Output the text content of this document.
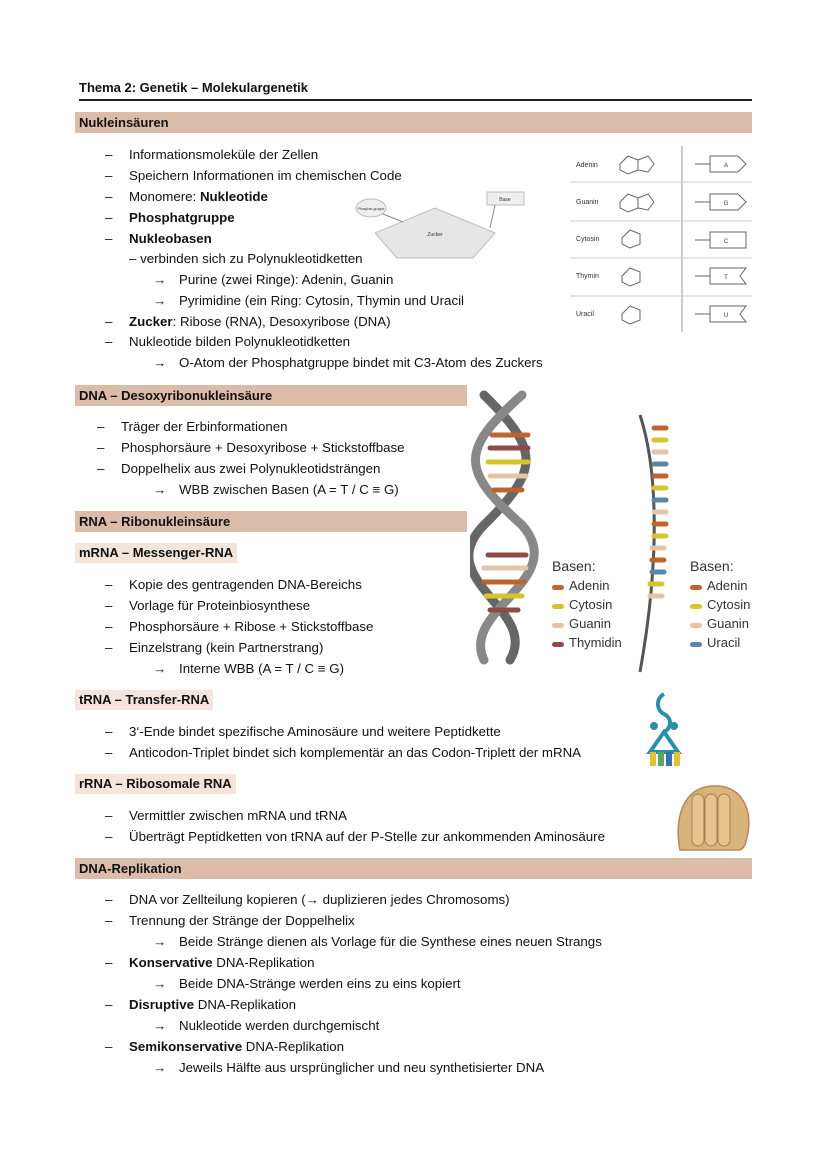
Thema 2: Genetik – Molekulargenetik
Nukleinsäuren
– Informationsmoleküle der Zellen
– Speichern Informationen im chemischen Code
– Monomere: Nukleotide
– Phosphatgruppe
– Nukleobasen
– verbinden sich zu Polynukleotidketten
→ Purine (zwei Ringe): Adenin, Guanin
→ Pyrimidine (ein Ring: Cytosin, Thymin und Uracil
– Zucker: Ribose (RNA), Desoxyribose (DNA)
– Nukleotide bilden Polynukleotidketten
→ O-Atom der Phosphatgruppe bindet mit C3-Atom des Zuckers
Base
Zucker
Phosphat-gruppe
Adenin
Guanin
Cytosin
Thymin
Uracil
A
G
C
T
U
DNA – Desoxyribonukleinsäure
– Träger der Erbinformationen
– Phosphorsäure + Desoxyribose + Stickstoffbase
– Doppelhelix aus zwei Polynukleotidsträngen
→ WBB zwischen Basen (A = T / C ≡ G)
RNA – Ribonukleinsäure
mRNA – Messenger-RNA
– Kopie des gentragenden DNA-Bereichs
– Vorlage für Proteinbiosynthese
– Phosphorsäure + Ribose + Stickstoffbase
– Einzelstrang (kein Partnerstrang)
→ Interne WBB (A = T / C ≡ G)
tRNA – Transfer-RNA
– 3‘-Ende bindet spezifische Aminosäure und weitere Peptidkette
– Anticodon-Triplet bindet sich komplementär an das Codon-Triplett der mRNA
rRNA – Ribosomale RNA
– Vermittler zwischen mRNA und tRNA
– Überträgt Peptidketten von tRNA auf der P-Stelle zur ankommenden Aminosäure
DNA-Replikation
– DNA vor Zellteilung kopieren (→ duplizieren jedes Chromosoms)
– Trennung der Stränge der Doppelhelix
→ Beide Stränge dienen als Vorlage für die Synthese eines neuen Strangs
– Konservative DNA-Replikation
→ Beide DNA-Stränge werden eins zu eins kopiert
– Disruptive DNA-Replikation
→ Nukleotide werden durchgemischt
– Semikonservative DNA-Replikation
→ Jeweils Hälfte aus ursprünglicher und neu synthetisierter DNA
Basen:
Adenin
Cytosin
Guanin
Thymidin
Basen:
Adenin
Cytosin
Guanin
Uracil
